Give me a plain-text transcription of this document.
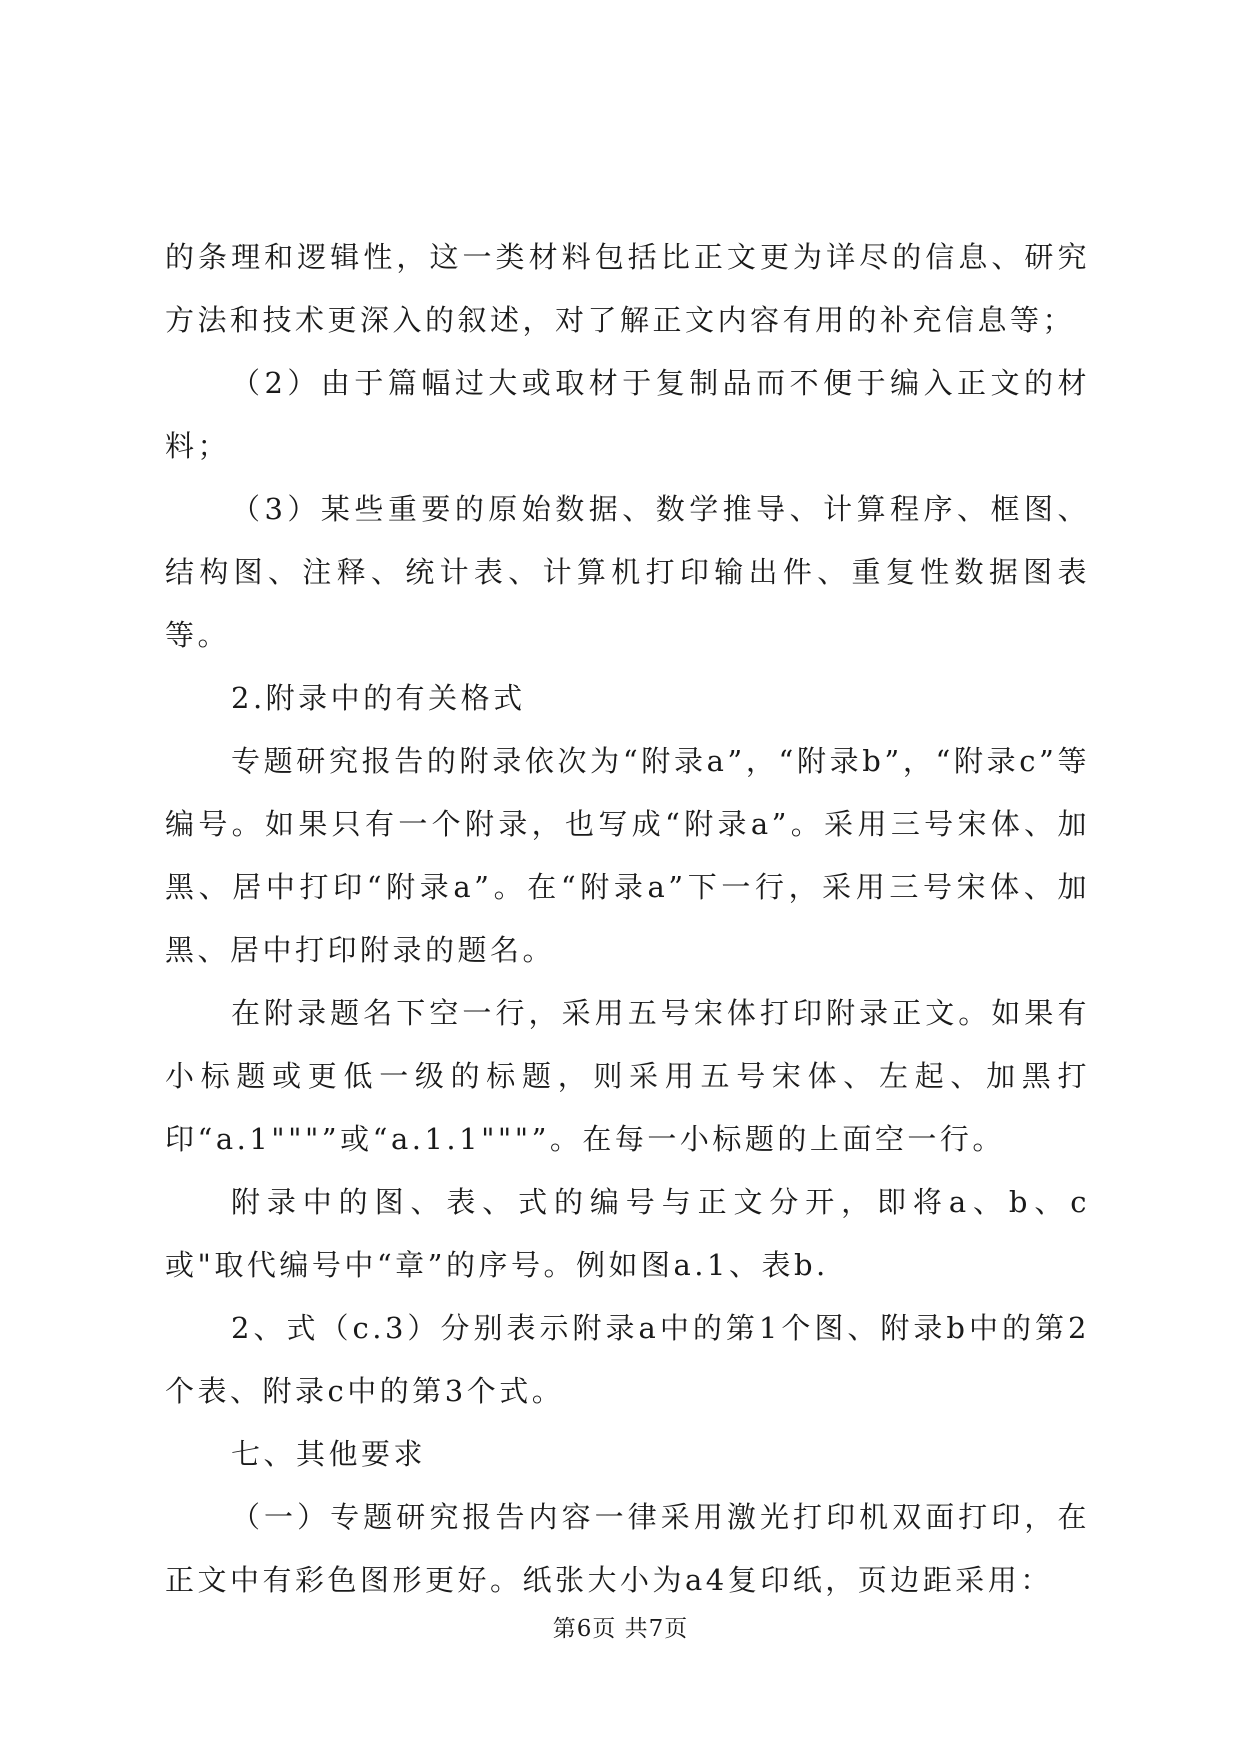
的条理和逻辑性，这一类材料包括比正文更为详尽的信息、研究方法和技术更深入的叙述，对了解正文内容有用的补充信息等；

（2）由于篇幅过大或取材于复制品而不便于编入正文的材料；

（3）某些重要的原始数据、数学推导、计算程序、框图、结构图、注释、统计表、计算机打印输出件、重复性数据图表等。

2.附录中的有关格式

专题研究报告的附录依次为“附录a”，“附录b”，“附录c”等编号。如果只有一个附录，也写成“附录a”。采用三号宋体、加黑、居中打印“附录a”。在“附录a”下一行，采用三号宋体、加黑、居中打印附录的题名。

在附录题名下空一行，采用五号宋体打印附录正文。如果有小标题或更低一级的标题，则采用五号宋体、左起、加黑打印“a.1"""”或“a.1.1"""”。在每一小标题的上面空一行。

附录中的图、表、式的编号与正文分开，即将a、b、c或"取代编号中“章”的序号。例如图a.1、表b.

2、式（c.3）分别表示附录a中的第1个图、附录b中的第2个表、附录c中的第3个式。

七、其他要求

（一）专题研究报告内容一律采用激光打印机双面打印，在正文中有彩色图形更好。纸张大小为a4复印纸，页边距采用：

第6页 共7页
